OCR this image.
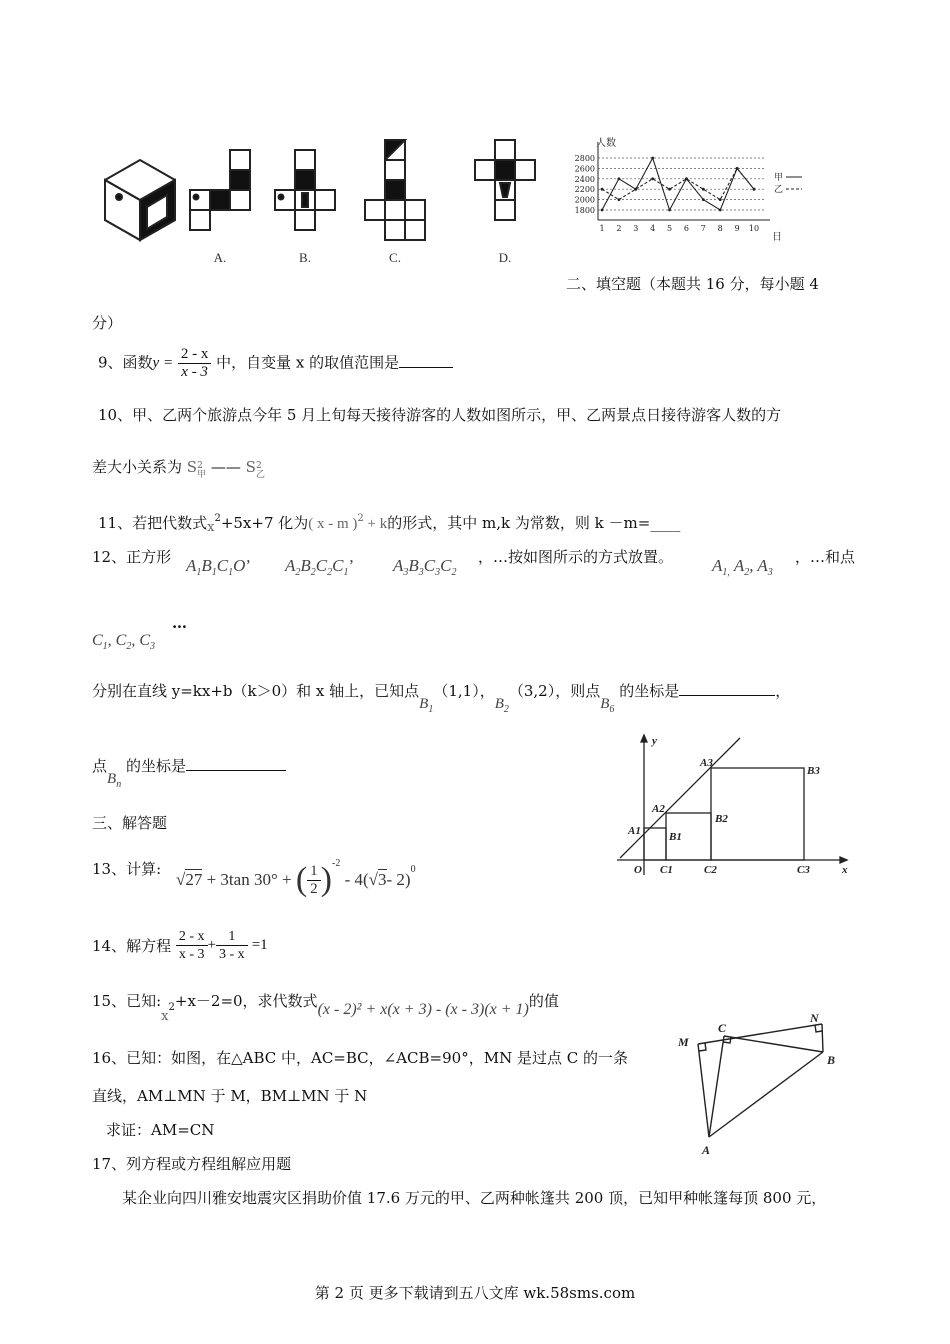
A.	B.	C.	D.
人数
日
甲
乙
1800
2000
2200
2400
2600
2800
1 2 3 4 5 6 7 8 9 10
二、填空题（本题共 16 分，每小题 4
分）
9、函数$y = \frac{2 - x}{x - 3}$ 中，自变量 x 的取值范围是
10、甲、乙两个旅游点今年 5 月上旬每天接待游客的人数如图所示，甲、乙两景点日接待游客人数的方
差大小关系为 S 2
甲 —— S 2
乙
11、若把代数式$x^2+5x+7$ 化为( x - m )$^2$ + k的形式，其中 m,k 为常数，则 k －m=____
12、正方形 $A_1B_1C_1O$’ $A_2B_2C_2C_1$’ $A_3B_3C_3C_2$
，…按如图所示的方式放置。 $A_{1,}$ $A_2$, $A_3$
，…和点
…
$C_1$, $C_2$, $C_3$
分别在直线 y=kx+b（k＞0）和 x 轴上，已知点$B_1(1,1)$，$B_2(3,2)$，则点$B_6$ 的坐标是	，
点$B_n$ 的坐标是
y
x
O
A1
A2
A3
B1
B2
B3
C1	C2	C3
三、解答题
13、计算:
√27 + 3tan 30° + ( $\frac{1}{2} )^{-2} - 4(√3-$ 2)$^0$
14、解方程 $\frac{2 - x}{x - 3} + \frac{1}{3 - x} =1$
15、已知$:x_2+x-2=0$，求代数式(x - 2)² + x(x + 3) - (x - 3)(x + 1)的值
16、已知：如图，在△ABC 中，AC=BC，∠ACB=90°，MN 是过点 C 的一条
直线，AM⊥MN 于 M，BM⊥MN 于 N
求证：AM=CN
M
C
N
B
A
17、列方程或方程组解应用题
某企业向四川雅安地震灾区捐助价值 17.6 万元的甲、乙两种帐篷共 200 顶，已知甲种帐篷每顶 800 元，
第 2 页 更多下载请到五八文库 wk.58sms.com
